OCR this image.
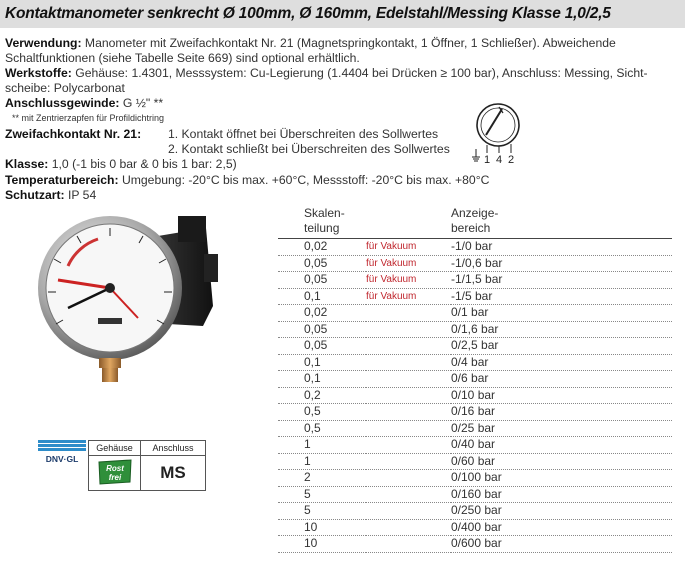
Kontaktmanometer senkrecht Ø 100mm, Ø 160mm, Edelstahl/Messing Klasse 1,0/2,5
Verwendung: Manometer mit Zweifachkontakt Nr. 21 (Magnetspringkontakt, 1 Öffner, 1 Schließer). Abweichende
Schaltfunktionen (siehe Tabelle Seite 669) sind optional erhältlich.
Werkstoffe: Gehäuse: 1.4301, Messsystem: Cu-Legierung (1.4404 bei Drücken ≥ 100 bar), Anschluss: Messing, Sicht-
scheibe: Polycarbonat
Anschlussgewinde: G ½" **
** mit Zentrierzapfen für Profildichtring
Zweifachkontakt Nr. 21: 1. Kontakt öffnet bei Überschreiten des Sollwertes
2. Kontakt schließt bei Überschreiten des Sollwertes
Klasse: 1,0 (-1 bis 0 bar & 0 bis 1 bar: 2,5)
Temperaturbereich: Umgebung: -20°C bis max. +60°C, Messstoff: -20°C bis max. +80°C
Schutzart: IP 54
1 4 2
DNV·GL
Gehäuse	Anschluss

Rost
frei	MS
Skalen-
teilung		Anzeige-
bereich
0,02	für Vakuum	-1/0 bar
0,05	für Vakuum	-1/0,6 bar
0,05	für Vakuum	-1/1,5 bar
0,1	für Vakuum	-1/5 bar
0,02		0/1 bar
0,05		0/1,6 bar
0,05		0/2,5 bar
0,1		0/4 bar
0,1		0/6 bar
0,2		0/10 bar
0,5		0/16 bar
0,5		0/25 bar
1		0/40 bar
1		0/60 bar
2		0/100 bar
5		0/160 bar
5		0/250 bar
10		0/400 bar
10		0/600 bar
